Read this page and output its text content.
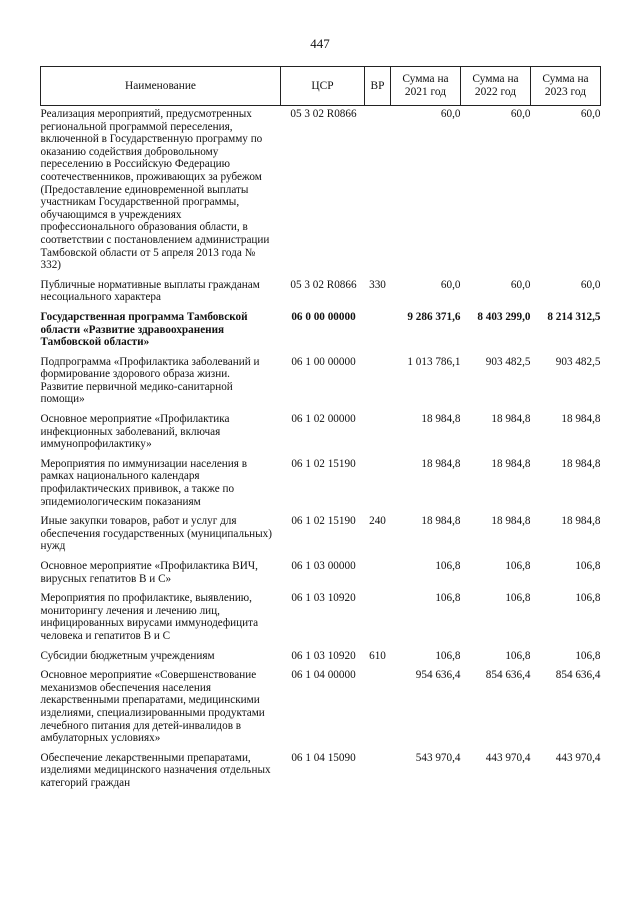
447
Наименование	ЦСР	ВР	Сумма на 2021 год	Сумма на 2022 год	Сумма на 2023 год
Реализация мероприятий, предусмотренных региональной программой переселения, включенной в Государственную программу по оказанию содействия добровольному переселению в Российскую Федерацию соотечественников, проживающих за рубежом (Предоставление единовременной выплаты участникам Государственной программы, обучающимся в учреждениях профессионального образования области, в соответствии с постановлением администрации Тамбовской области от 5 апреля 2013 года № 332)	05 3 02 R0866		60,0	60,0	60,0
Публичные нормативные выплаты гражданам несоциального характера	05 3 02 R0866	330	60,0	60,0	60,0
Государственная программа Тамбовской области «Развитие здравоохранения Тамбовской области»	06 0 00 00000		9 286 371,6	8 403 299,0	8 214 312,5
Подпрограмма «Профилактика заболеваний и формирование здорового образа жизни. Развитие первичной медико-санитарной помощи»	06 1 00 00000		1 013 786,1	903 482,5	903 482,5
Основное мероприятие «Профилактика инфекционных заболеваний, включая иммунопрофилактику»	06 1 02 00000		18 984,8	18 984,8	18 984,8
Мероприятия по иммунизации населения в рамках национального календаря профилактических прививок, а также по эпидемиологическим показаниям	06 1 02 15190		18 984,8	18 984,8	18 984,8
Иные закупки товаров, работ и услуг для обеспечения государственных (муниципальных) нужд	06 1 02 15190	240	18 984,8	18 984,8	18 984,8
Основное мероприятие «Профилактика ВИЧ, вирусных гепатитов В и С»	06 1 03 00000		106,8	106,8	106,8
Мероприятия по профилактике, выявлению, мониторингу лечения и лечению лиц, инфицированных вирусами иммунодефицита человека и гепатитов В и С	06 1 03 10920		106,8	106,8	106,8
Субсидии бюджетным учреждениям	06 1 03 10920	610	106,8	106,8	106,8
Основное мероприятие «Совершенствование механизмов обеспечения населения лекарственными препаратами, медицинскими изделиями, специализированными продуктами лечебного питания для детей-инвалидов в амбулаторных условиях»	06 1 04 00000		954 636,4	854 636,4	854 636,4
Обеспечение лекарственными препаратами, изделиями медицинского назначения отдельных категорий граждан	06 1 04 15090		543 970,4	443 970,4	443 970,4
